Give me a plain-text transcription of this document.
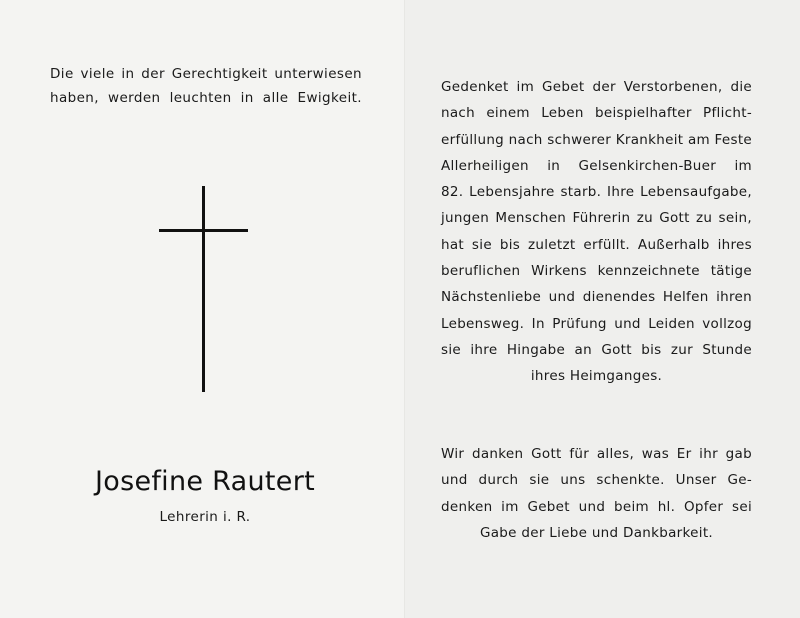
Die viele in der Gerechtigkeit unterwiesen
haben, werden leuchten in alle Ewigkeit.
Josefine Rautert
Lehrerin i. R.
Gedenket im Gebet der Verstorbenen, die
nach einem Leben beispielhafter Pflicht-
erfüllung nach schwerer Krankheit am Feste
Allerheiligen in Gelsenkirchen-Buer im
82. Lebensjahre starb. Ihre Lebensaufgabe,
jungen Menschen Führerin zu Gott zu sein,
hat sie bis zuletzt erfüllt. Außerhalb ihres
beruflichen Wirkens kennzeichnete tätige
Nächstenliebe und dienendes Helfen ihren
Lebensweg. In Prüfung und Leiden vollzog
sie ihre Hingabe an Gott bis zur Stunde
ihres Heimganges.
Wir danken Gott für alles, was Er ihr gab
und durch sie uns schenkte. Unser Ge-
denken im Gebet und beim hl. Opfer sei
Gabe der Liebe und Dankbarkeit.
